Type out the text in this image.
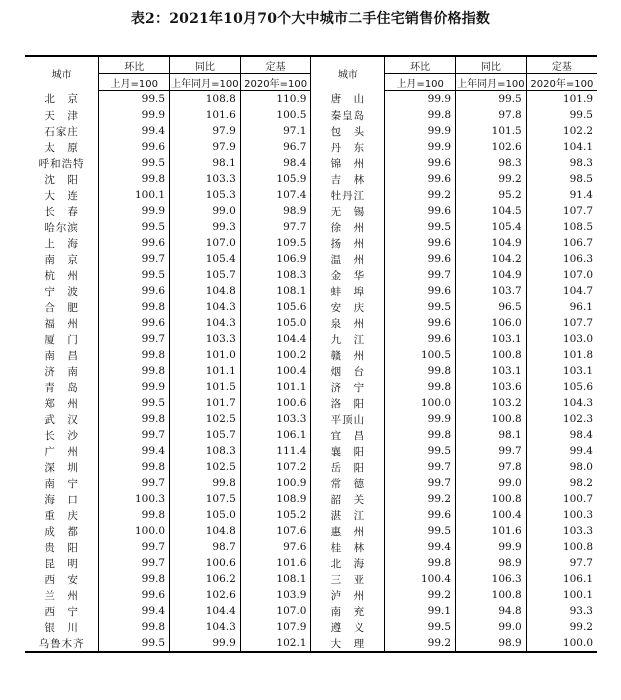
表2：2021年10月70个大中城市二手住宅销售价格指数
城市	环比	同比	定基	城市	环比	同比	定基
	上月=100	上年同月=100	2020年=100		上月=100	上年同月=100	2020年=100
北　京	99.5	108.8	110.9	唐　山	99.9	99.5	101.9
天　津	99.9	101.6	100.5	秦皇岛	99.8	97.8	99.5
石家庄	99.4	97.9	97.1	包　头	99.9	101.5	102.2
太　原	99.6	97.9	96.7	丹　东	99.9	102.6	104.1
呼和浩特	99.5	98.1	98.4	锦　州	99.6	98.3	98.3
沈　阳	99.8	103.3	105.9	吉　林	99.6	99.2	98.5
大　连	100.1	105.3	107.4	牡丹江	99.2	95.2	91.4
长　春	99.9	99.0	98.9	无　锡	99.6	104.5	107.7
哈尔滨	99.5	99.3	97.7	徐　州	99.5	105.4	108.5
上　海	99.6	107.0	109.5	扬　州	99.6	104.9	106.7
南　京	99.7	105.4	106.9	温　州	99.6	104.2	106.3
杭　州	99.5	105.7	108.3	金　华	99.7	104.9	107.0
宁　波	99.6	104.8	108.1	蚌　埠	99.6	103.7	104.7
合　肥	99.8	104.3	105.6	安　庆	99.5	96.5	96.1
福　州	99.6	104.3	105.0	泉　州	99.6	106.0	107.7
厦　门	99.7	103.3	104.4	九　江	99.6	103.1	103.0
南　昌	99.8	101.0	100.2	赣　州	100.5	100.8	101.8
济　南	99.8	101.1	100.4	烟　台	99.8	103.1	103.1
青　岛	99.9	101.5	101.1	济　宁	99.8	103.6	105.6
郑　州	99.5	101.7	100.6	洛　阳	100.0	103.2	104.3
武　汉	99.8	102.5	103.3	平顶山	99.9	100.8	102.3
长　沙	99.7	105.7	106.1	宜　昌	99.8	98.1	98.4
广　州	99.4	108.3	111.4	襄　阳	99.5	99.7	99.4
深　圳	99.8	102.5	107.2	岳　阳	99.7	97.8	98.0
南　宁	99.7	99.8	100.9	常　德	99.7	99.0	98.2
海　口	100.3	107.5	108.9	韶　关	99.2	100.8	100.7
重　庆	99.8	105.0	105.2	湛　江	99.6	100.4	100.3
成　都	100.0	104.8	107.6	惠　州	99.5	101.6	103.3
贵　阳	99.7	98.7	97.6	桂　林	99.4	99.9	100.8
昆　明	99.7	100.6	101.6	北　海	99.8	98.9	97.7
西　安	99.8	106.2	108.1	三　亚	100.4	106.3	106.1
兰　州	99.6	102.6	103.9	泸　州	99.2	100.8	100.1
西　宁	99.4	104.4	107.0	南　充	99.1	94.8	93.3
银　川	99.8	104.3	107.9	遵　义	99.5	99.0	99.2
乌鲁木齐	99.5	99.9	102.1	大　理	99.2	98.9	100.0
